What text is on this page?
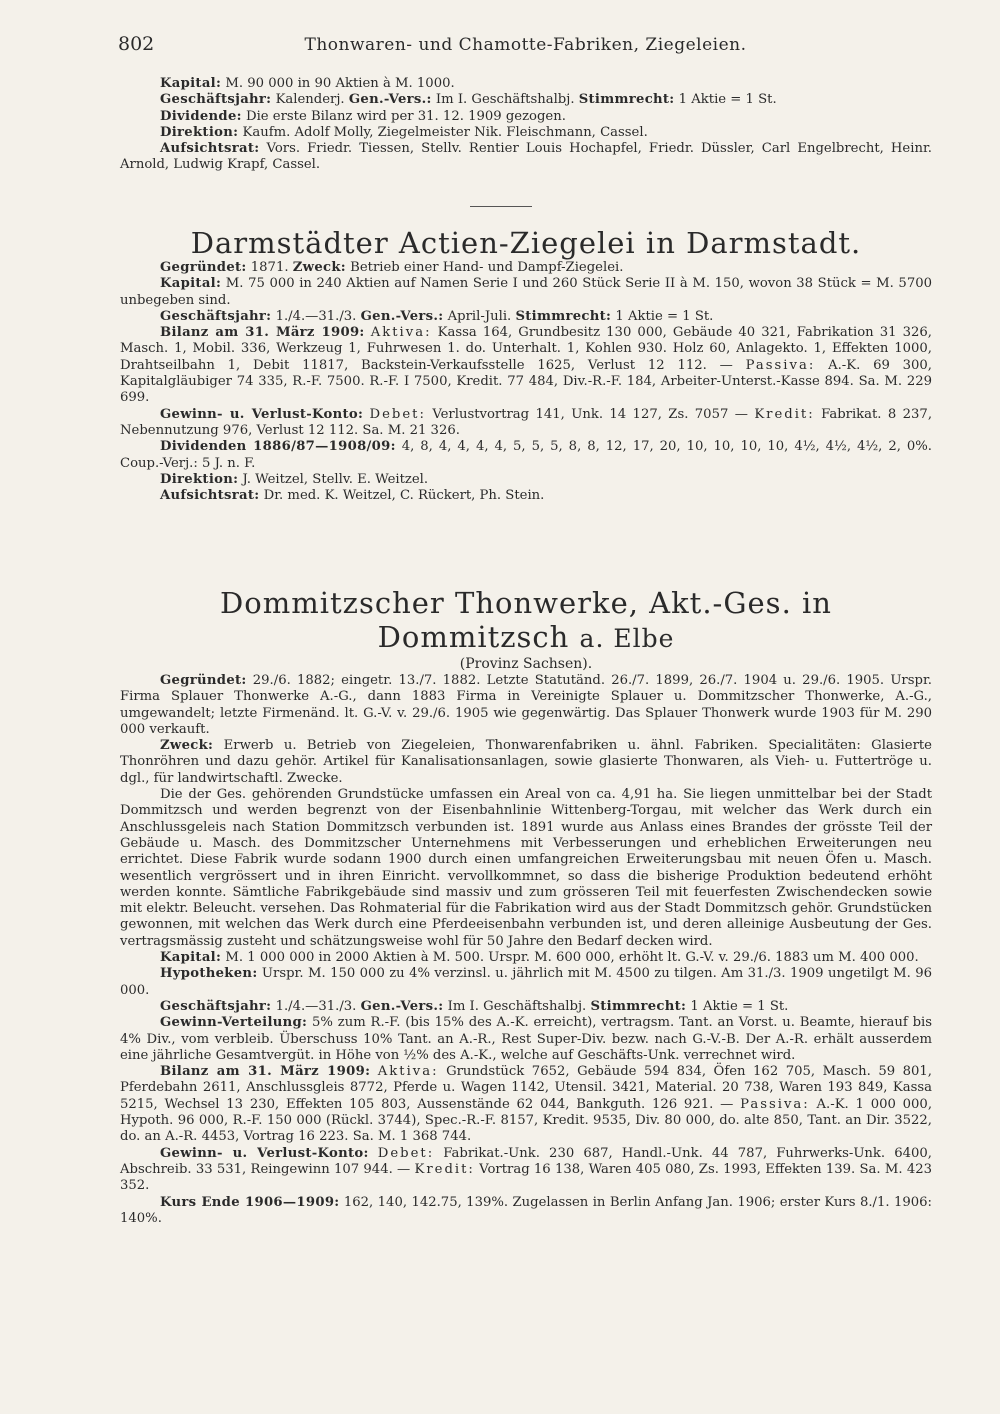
802	Thonwaren- und Chamotte-Fabriken, Ziegeleien.

Kapital: M. 90 000 in 90 Aktien à M. 1000.

Geschäftsjahr: Kalenderj. Gen.-Vers.: Im I. Geschäftshalbj. Stimmrecht: 1 Aktie = 1 St.

Dividende: Die erste Bilanz wird per 31. 12. 1909 gezogen.

Direktion: Kaufm. Adolf Molly, Ziegelmeister Nik. Fleischmann, Cassel.

Aufsichtsrat: Vors. Friedr. Tiessen, Stellv. Rentier Louis Hochapfel, Friedr. Düssler, Carl Engelbrecht, Heinr. Arnold, Ludwig Krapf, Cassel.

Darmstädter Actien-Ziegelei in Darmstadt.

Gegründet: 1871. Zweck: Betrieb einer Hand- und Dampf-Ziegelei.

Kapital: M. 75 000 in 240 Aktien auf Namen Serie I und 260 Stück Serie II à M. 150, wovon 38 Stück = M. 5700 unbegeben sind.

Geschäftsjahr: 1./4.—31./3. Gen.-Vers.: April-Juli. Stimmrecht: 1 Aktie = 1 St.

Bilanz am 31. März 1909: Aktiva: Kassa 164, Grundbesitz 130 000, Gebäude 40 321, Fabrikation 31 326, Masch. 1, Mobil. 336, Werkzeug 1, Fuhrwesen 1. do. Unterhalt. 1, Kohlen 930. Holz 60, Anlagekto. 1, Effekten 1000, Drahtseilbahn 1, Debit 11817, Backstein-Verkaufsstelle 1625, Verlust 12 112. — Passiva: A.-K. 69 300, Kapitalgläubiger 74 335, R.-F. 7500. R.-F. I 7500, Kredit. 77 484, Div.-R.-F. 184, Arbeiter-Unterst.-Kasse 894. Sa. M. 229 699.

Gewinn- u. Verlust-Konto: Debet: Verlustvortrag 141, Unk. 14 127, Zs. 7057 — Kredit: Fabrikat. 8 237, Nebennutzung 976, Verlust 12 112. Sa. M. 21 326.

Dividenden 1886/87—1908/09: 4, 8, 4, 4, 4, 4, 5, 5, 5, 8, 8, 12, 17, 20, 10, 10, 10, 10, 4½, 4½, 4½, 2, 0%. Coup.-Verj.: 5 J. n. F.

Direktion: J. Weitzel, Stellv. E. Weitzel.

Aufsichtsrat: Dr. med. K. Weitzel, C. Rückert, Ph. Stein.

Dommitzscher Thonwerke, Akt.-Ges. in Dommitzsch a. Elbe

(Provinz Sachsen).

Gegründet: 29./6. 1882; eingetr. 13./7. 1882. Letzte Statutänd. 26./7. 1899, 26./7. 1904 u. 29./6. 1905. Urspr. Firma Splauer Thonwerke A.-G., dann 1883 Firma in Vereinigte Splauer u. Dommitzscher Thonwerke, A.-G., umgewandelt; letzte Firmenänd. lt. G.-V. v. 29./6. 1905 wie gegenwärtig. Das Splauer Thonwerk wurde 1903 für M. 290 000 verkauft.

Zweck: Erwerb u. Betrieb von Ziegeleien, Thonwarenfabriken u. ähnl. Fabriken. Specialitäten: Glasierte Thonröhren und dazu gehör. Artikel für Kanalisationsanlagen, sowie glasierte Thonwaren, als Vieh- u. Futtertröge u. dgl., für landwirtschaftl. Zwecke.

Die der Ges. gehörenden Grundstücke umfassen ein Areal von ca. 4,91 ha. Sie liegen unmittelbar bei der Stadt Dommitzsch und werden begrenzt von der Eisenbahnlinie Wittenberg-Torgau, mit welcher das Werk durch ein Anschlussgeleis nach Station Dommitzsch verbunden ist. 1891 wurde aus Anlass eines Brandes der grösste Teil der Gebäude u. Masch. des Dommitzscher Unternehmens mit Verbesserungen und erheblichen Erweiterungen neu errichtet. Diese Fabrik wurde sodann 1900 durch einen umfangreichen Erweiterungsbau mit neuen Öfen u. Masch. wesentlich vergrössert und in ihren Einricht. vervollkommnet, so dass die bisherige Produktion bedeutend erhöht werden konnte. Sämtliche Fabrikgebäude sind massiv und zum grösseren Teil mit feuerfesten Zwischendecken sowie mit elektr. Beleucht. versehen. Das Rohmaterial für die Fabrikation wird aus der Stadt Dommitzsch gehör. Grundstücken gewonnen, mit welchen das Werk durch eine Pferdeeisenbahn verbunden ist, und deren alleinige Ausbeutung der Ges. vertragsmässig zusteht und schätzungsweise wohl für 50 Jahre den Bedarf decken wird.

Kapital: M. 1 000 000 in 2000 Aktien à M. 500. Urspr. M. 600 000, erhöht lt. G.-V. v. 29./6. 1883 um M. 400 000.

Hypotheken: Urspr. M. 150 000 zu 4% verzinsl. u. jährlich mit M. 4500 zu tilgen. Am 31./3. 1909 ungetilgt M. 96 000.

Geschäftsjahr: 1./4.—31./3. Gen.-Vers.: Im I. Geschäftshalbj. Stimmrecht: 1 Aktie = 1 St.

Gewinn-Verteilung: 5% zum R.-F. (bis 15% des A.-K. erreicht), vertragsm. Tant. an Vorst. u. Beamte, hierauf bis 4% Div., vom verbleib. Überschuss 10% Tant. an A.-R., Rest Super-Div. bezw. nach G.-V.-B. Der A.-R. erhält ausserdem eine jährliche Gesamtvergüt. in Höhe von ½% des A.-K., welche auf Geschäfts-Unk. verrechnet wird.

Bilanz am 31. März 1909: Aktiva: Grundstück 7652, Gebäude 594 834, Öfen 162 705, Masch. 59 801, Pferdebahn 2611, Anschlussgleis 8772, Pferde u. Wagen 1142, Utensil. 3421, Material. 20 738, Waren 193 849, Kassa 5215, Wechsel 13 230, Effekten 105 803, Aussenstände 62 044, Bankguth. 126 921. — Passiva: A.-K. 1 000 000, Hypoth. 96 000, R.-F. 150 000 (Rückl. 3744), Spec.-R.-F. 8157, Kredit. 9535, Div. 80 000, do. alte 850, Tant. an Dir. 3522, do. an A.-R. 4453, Vortrag 16 223. Sa. M. 1 368 744.

Gewinn- u. Verlust-Konto: Debet: Fabrikat.-Unk. 230 687, Handl.-Unk. 44 787, Fuhrwerks-Unk. 6400, Abschreib. 33 531, Reingewinn 107 944. — Kredit: Vortrag 16 138, Waren 405 080, Zs. 1993, Effekten 139. Sa. M. 423 352.

Kurs Ende 1906—1909: 162, 140, 142.75, 139%. Zugelassen in Berlin Anfang Jan. 1906; erster Kurs 8./1. 1906: 140%.
